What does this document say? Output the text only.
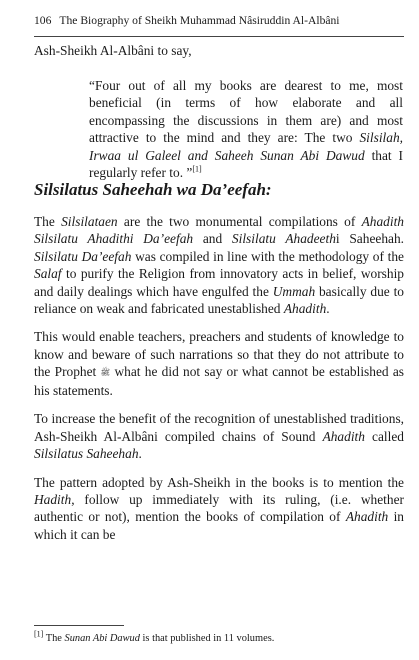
106 The Biography of Sheikh Muhammad Nâsiruddin Al-Albâni

Ash-Sheikh Al-Albâni to say,

“Four out of all my books are dearest to me, most beneficial (in terms of how elaborate and all encompassing the discussions in them are) and most attractive to the mind and they are: The two Silsilah, Irwaa ul Galeel and Saheeh Sunan Abi Dawud that I regularly refer to. ”[1]

Silsilatus Saheehah wa Da’eefah:

The Silsilataen are the two monumental compilations of Ahadith Silsilatu Ahadithi Da’eefah and Silsilatu Ahadeethi Saheehah. Silsilatu Da’eefah was compiled in line with the methodology of the Salaf to purify the Religion from innovatory acts in belief, worship and daily dealings which have engulfed the Ummah basically due to reliance on weak and fabricated unestablished Ahadith.

This would enable teachers, preachers and students of knowledge to know and beware of such narrations so that they do not attribute to the Prophet ﷺ what he did not say or what cannot be established as his statements.

To increase the benefit of the recognition of unestablished traditions, Ash-Sheikh Al-Albâni compiled chains of Sound Ahadith called Silsilatus Saheehah.

The pattern adopted by Ash-Sheikh in the books is to mention the Hadith, follow up immediately with its ruling, (i.e. whether authentic or not), mention the books of compilation of Ahadith in which it can be

[1] The Sunan Abi Dawud is that published in 11 volumes.
